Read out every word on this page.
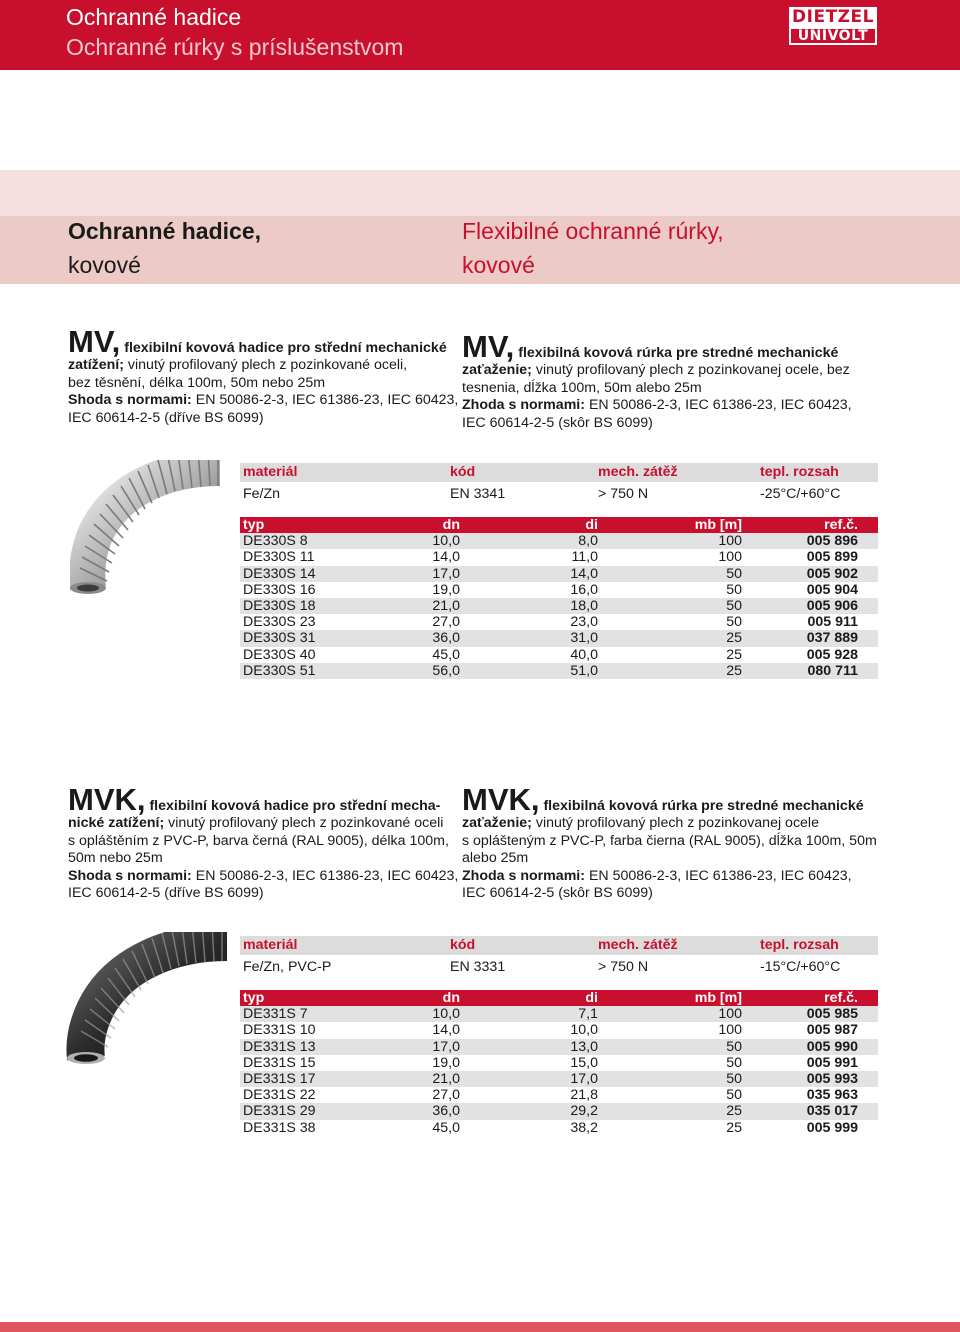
Ochranné hadice
Ochranné rúrky s príslušenstvom
DIETZEL
UNIVOLT
Ochranné hadice,
kovové
Flexibilné ochranné rúrky,
kovové
MV, flexibilní kovová hadice pro střední mechanické
zatížení; vinutý profilovaný plech z pozinkované oceli,
bez těsnění, délka 100m, 50m nebo 25m
Shoda s normami: EN 50086-2-3, IEC 61386-23, IEC 60423,
IEC 60614-2-5 (dříve BS 6099)
MV, flexibilná kovová rúrka pre stredné mechanické
zaťaženie; vinutý profilovaný plech z pozinkovanej ocele, bez
tesnenia, dĺžka 100m, 50m alebo 25m
Zhoda s normami: EN 50086-2-3, IEC 61386-23, IEC 60423,
IEC 60614-2-5 (skôr BS 6099)
materiál	kód	mech. zátěž	tepl. rozsah
Fe/Zn	EN 3341	> 750 N	-25°C/+60°C
typ	dn	di	mb [m]	ref.č.
DE330S 8	10,0	8,0	100	005 896
DE330S 11	14,0	11,0	100	005 899
DE330S 14	17,0	14,0	50	005 902
DE330S 16	19,0	16,0	50	005 904
DE330S 18	21,0	18,0	50	005 906
DE330S 23	27,0	23,0	50	005 911
DE330S 31	36,0	31,0	25	037 889
DE330S 40	45,0	40,0	25	005 928
DE330S 51	56,0	51,0	25	080 711
MVK, flexibilní kovová hadice pro střední mecha-
nické zatížení; vinutý profilovaný plech z pozinkované oceli
s opláštěním z PVC-P, barva černá (RAL 9005), délka 100m,
50m nebo 25m
Shoda s normami: EN 50086-2-3, IEC 61386-23, IEC 60423,
IEC 60614-2-5 (dříve BS 6099)
MVK, flexibilná kovová rúrka pre stredné mechanické
zaťaženie; vinutý profilovaný plech z pozinkovanej ocele
s oplášteným z PVC-P, farba čierna (RAL 9005), dĺžka 100m, 50m
alebo 25m
Zhoda s normami: EN 50086-2-3, IEC 61386-23, IEC 60423,
IEC 60614-2-5 (skôr BS 6099)
materiál	kód	mech. zátěž	tepl. rozsah
Fe/Zn, PVC-P	EN 3331	> 750 N	-15°C/+60°C
typ	dn	di	mb [m]	ref.č.
DE331S 7	10,0	7,1	100	005 985
DE331S 10	14,0	10,0	100	005 987
DE331S 13	17,0	13,0	50	005 990
DE331S 15	19,0	15,0	50	005 991
DE331S 17	21,0	17,0	50	005 993
DE331S 22	27,0	21,8	50	035 963
DE331S 29	36,0	29,2	25	035 017
DE331S 38	45,0	38,2	25	005 999
